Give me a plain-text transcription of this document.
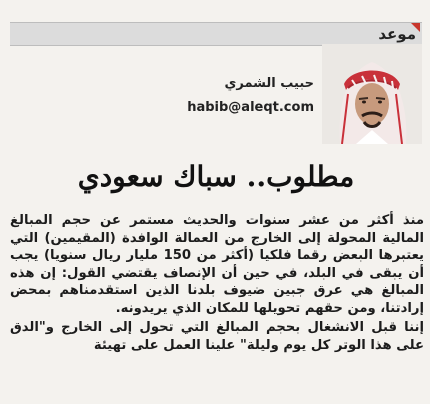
موعد
حبيب الشمري
habib@aleqt.com
مطلوب.. سباك سعودي

منذ أكثر من عشر سنوات والحديث مستمر عن حجم المبالغ المالية المحولة إلى الخارج من العمالة الوافدة (المقيمين) التي يعتبرها البعض رقما فلكيا (أكثر من 150 مليار ريال سنويا) يجب أن يبقى في البلد، في حين أن الإنصاف يقتضي القول: إن هذه المبالغ هي عرق جبين ضيوف بلدنا الذين استقدمناهم بمحض إرادتنا، ومن حقهم تحويلها للمكان الذي يريدونه.

إننا قبل الانشغال بحجم المبالغ التي تحول إلى الخارج و"الدق على هذا الوتر كل يوم وليلة" علينا العمل على تهيئة
